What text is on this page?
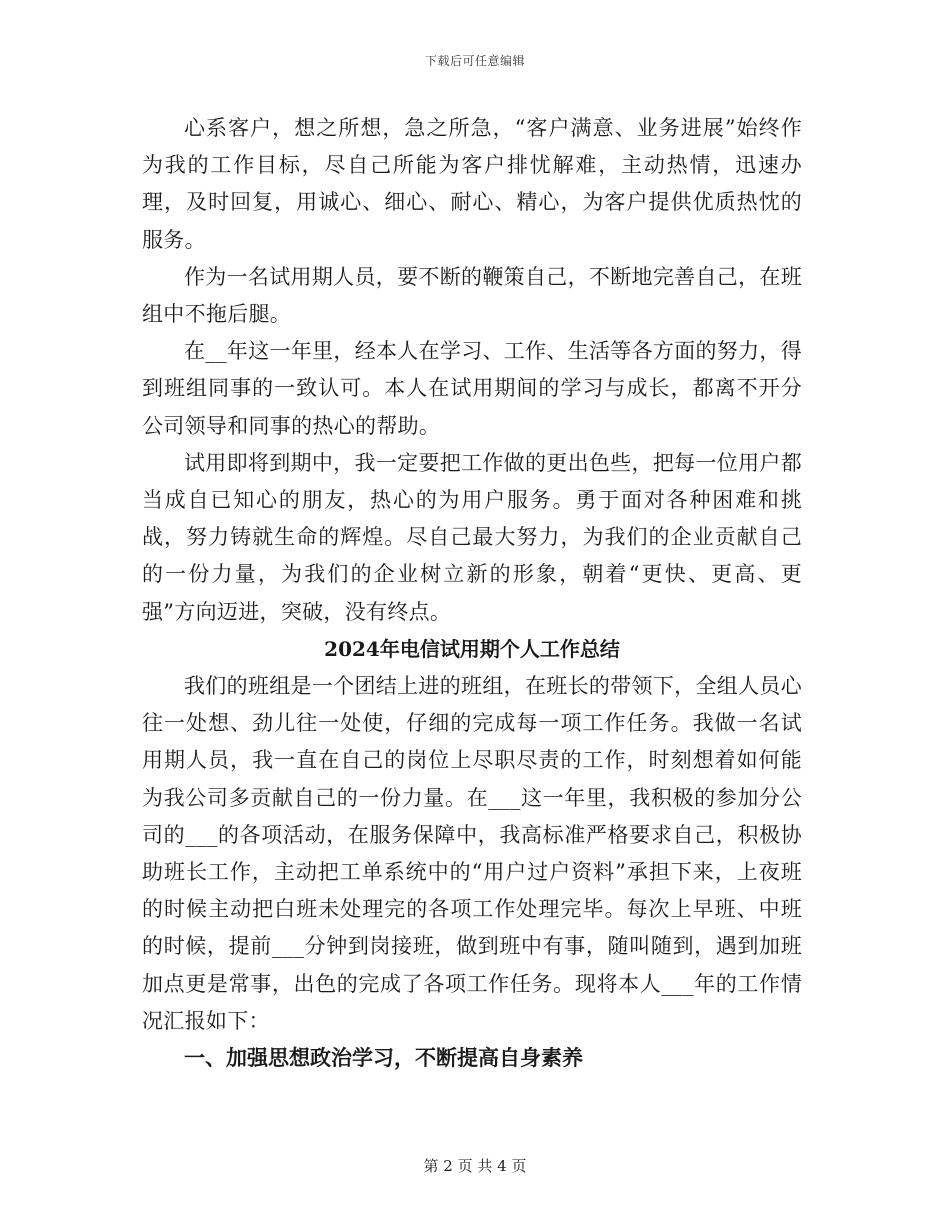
下载后可任意编辑

心系客户，想之所想，急之所急，“客户满意、业务进展”始终作为我的工作目标，尽自己所能为客户排忧解难，主动热情，迅速办理，及时回复，用诚心、细心、耐心、精心，为客户提供优质热忱的服务。

作为一名试用期人员，要不断的鞭策自己，不断地完善自己，在班组中不拖后腿。

在__年这一年里，经本人在学习、工作、生活等各方面的努力，得到班组同事的一致认可。本人在试用期间的学习与成长，都离不开分公司领导和同事的热心的帮助。

试用即将到期中，我一定要把工作做的更出色些，把每一位用户都当成自已知心的朋友，热心的为用户服务。勇于面对各种困难和挑战，努力铸就生命的辉煌。尽自己最大努力，为我们的企业贡献自己的一份力量，为我们的企业树立新的形象，朝着“更快、更高、更强”方向迈进，突破，没有终点。

2024年电信试用期个人工作总结

我们的班组是一个团结上进的班组，在班长的带领下，全组人员心往一处想、劲儿往一处使，仔细的完成每一项工作任务。我做一名试用期人员，我一直在自己的岗位上尽职尽责的工作，时刻想着如何能为我公司多贡献自己的一份力量。在___这一年里，我积极的参加分公司的___的各项活动，在服务保障中，我高标准严格要求自己，积极协助班长工作，主动把工单系统中的“用户过户资料”承担下来，上夜班的时候主动把白班未处理完的各项工作处理完毕。每次上早班、中班的时候，提前___分钟到岗接班，做到班中有事，随叫随到，遇到加班加点更是常事，出色的完成了各项工作任务。现将本人___年的工作情况汇报如下：

一、加强思想政治学习，不断提高自身素养
第 2 页 共 4 页
